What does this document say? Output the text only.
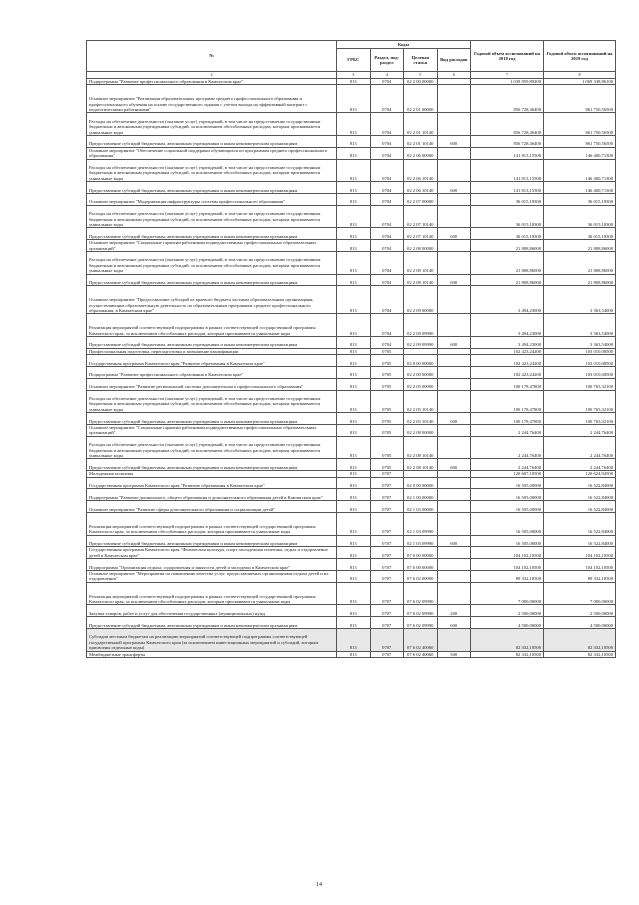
№	Коды				Годовой объем ассигнований на 2018 год	Годовой объем ассигнований на 2019 год
	ГРБС	Раздел, под-раздел	Целевая статья	Вид расходов		
2	3	4	5	6	7	8
Подпрограмма "Развитие профессионального образования в Камчатском крае"	813	0704	02 2 00 00000		1 039 859,89200	1 069 338,86100
Основное мероприятие "Реализация образовательных программ среднего профессионального образования и профессионального обучения на основе государственного задания с учетом выхода на эффективный контракт с педагогическими работниками"	813	0704	02 2 01 00000		856 728,46400	861 750,56500
Расходы на обеспечение деятельности (оказание услуг) учреждений, в том числе на предоставление государственным бюджетным и автономным учреждениям субсидий, за исключением обособленных расходов, которым присваиваются уникальные коды	813	0704	02 2 01 10140		856 728,46400	861 750,56500
Предоставление субсидий бюджетным, автономным учреждениям и иным некоммерческим организациям	813	0704	02 2 01 10140	600	856 728,46400	861 750,56500
Основное мероприятие "Обеспечение социальной поддержки обучающихся по программам среднего профессионального образования"	813	0704	02 2 06 00000		141 813,15500	146 400,71300
Расходы на обеспечение деятельности (оказание услуг) учреждений, в том числе на предоставление государственным бюджетным и автономным учреждениям субсидий, за исключением обособленных расходов, которым присваиваются уникальные коды	813	0704	02 2 06 10140		141 813,15500	146 400,71300
Предоставление субсидий бюджетным, автономным учреждениям и иным некоммерческим организациям	813	0704	02 2 06 10140	600	141 813,15500	146 400,71300
Основное мероприятие "Модернизация инфраструктуры системы профессионального образования"	813	0704	02 2 07 00000		36 015,18300	36 015,18300
Расходы на обеспечение деятельности (оказание услуг) учреждений, в том числе на предоставление государственным бюджетным и автономным учреждениям субсидий, за исключением обособленных расходов, которым присваиваются уникальные коды	813	0704	02 2 07 10140		36 015,18300	36 015,18300
Предоставление субсидий бюджетным, автономным учреждениям и иным некоммерческим организациям	813	0704	02 2 07 10140	600	36 015,18300	36 015,18300
Основное мероприятие "Социальные гарантии работникам подведомственных профессиональных образовательных организаций"	813	0704	02 2 08 00000		21 808,86000	21 808,86000
Расходы на обеспечение деятельности (оказание услуг) учреждений, в том числе на предоставление государственным бюджетным и автономным учреждениям субсидий, за исключением обособленных расходов, которым присваиваются уникальные коды	813	0704	02 2 08 10140		21 808,86000	21 808,86000
Предоставление субсидий бюджетным, автономным учреждениям и иным некоммерческим организациям	813	0704	02 2 08 10140	600	21 808,86000	21 808,86000
Основное мероприятие "Предоставление субсидий из краевого бюджета частным образовательным организациям, осуществляющим образовательную деятельность по образовательным программам среднего профессионального образования, в Камчатском крае"	813	0704	02 2 09 00000		3 494,23000	3 363,54000
Реализация мероприятий соответствующей подпрограммы в рамках соответствующей государственной программы Камчатского края, за исключением обособленных расходов, которым присваиваются уникальные коды	813	0704	02 2 09 09990		3 494,23000	3 363,54000
Предоставление субсидий бюджетным, автономным учреждениям и иным некоммерческим организациям	813	0704	02 2 09 09990	600	3 494,23000	3 363,54000
Профессиональная подготовка, переподготовка и повышение квалификации	813	0705			102 423,24200	103 010,08500
Государственная программа Камчатского края "Развитие образования в Камчатском крае"	813	0705	02 0 00 00000		102 423,24200	103 010,08500
Подпрограмма "Развитие профессионального образования в Камчатском крае"	813	0705	02 2 00 00000		102 423,24200	103 010,08500
Основное мероприятие "Развитие региональной системы дополнительного профессионального образования"	813	0705	02 2 05 00000		100 178,47800	100 765,32100
Расходы на обеспечение деятельности (оказание услуг) учреждений, в том числе на предоставление государственным бюджетным и автономным учреждениям субсидий, за исключением обособленных расходов, которым присваиваются уникальные коды	813	0705	02 2 05 10140		100 178,47800	100 765,32100
Предоставление субсидий бюджетным, автономным учреждениям и иным некоммерческим организациям	813	0705	02 2 05 10140	600	100 178,47800	100 765,32100
Основное мероприятие "Социальные гарантии работникам подведомственных профессиональных образовательных организаций"	813	0705	02 2 08 00000		2 244,76400	2 244,76400
Расходы на обеспечение деятельности (оказание услуг) учреждений, в том числе на предоставление государственным бюджетным и автономным учреждениям субсидий, за исключением обособленных расходов, которым присваиваются уникальные коды	813	0705	02 2 08 10140		2 244,76400	2 244,76400
Предоставление субсидий бюджетным, автономным учреждениям и иным некоммерческим организациям	813	0705	02 2 08 10140	600	2 244,76400	2 244,76400
Молодежная политика	813	0707			120 607,10500	120 624,94500
Государственная программа Камчатского края "Развитие образования в Камчатском крае"	813	0707	02 0 00 00000		16 505,00000	16 522,84000
Подпрограмма "Развитие дошкольного, общего образования и дополнительного образования детей в Камчатском крае"	813	0707	02 1 00 00000		16 505,00000	16 522,84000
Основное мероприятие "Развитие сферы дополнительного образования и социализации детей"	813	0707	02 1 03 00000		16 505,00000	16 522,84000
Реализация мероприятий соответствующей подпрограммы в рамках соответствующей государственной программы Камчатского края, за исключением обособленных расходов, которым присваиваются уникальные коды	813	0707	02 1 03 09990		16 505,00000	16 522,84000
Предоставление субсидий бюджетным, автономным учреждениям и иным некоммерческим организациям	813	0707	02 1 03 09990	600	16 505,00000	16 522,84000
Государственная программа Камчатского края "Физическая культура, спорт, молодежная политика, отдых и оздоровление детей в Камчатском крае"	813	0707	07 0 00 00000		104 102,10500	104 102,10500
Подпрограмма "Организация отдыха, оздоровления и занятости детей и молодежи в Камчатском крае"	813	0707	07 6 00 00000		104 102,10500	104 102,10500
Основное мероприятие "Мероприятия по повышению качества услуг, предоставляемых организациями отдыха детей и их оздоровления"	813	0707	07 6 02 00000		89 332,10500	89 332,10500
Реализация мероприятий соответствующей подпрограммы в рамках соответствующей государственной программы Камчатского края, за исключением обособленных расходов, которым присваиваются уникальные коды	813	0707	07 6 02 09990		7 000,00000	7 000,00000
Закупка товаров, работ и услуг для обеспечения государственных (муниципальных) нужд	813	0707	07 6 02 09990	200	2 500,00000	2 500,00000
Предоставление субсидий бюджетным, автономным учреждениям и иным некоммерческим организациям	813	0707	07 6 02 09990	600	4 500,00000	4 500,00000
Субсидии местным бюджетам на реализацию мероприятий соответствующей подпрограммы соответствующей государственной программы Камчатского края (за исключением инвестиционных мероприятий и субсидий, которым присвоены отдельные коды)	813	0707	07 6 02 40060		82 332,10500	82 332,10500
Межбюджетные трансферты	813	0707	07 6 02 40060	500	82 332,10500	82 332,10500
14
